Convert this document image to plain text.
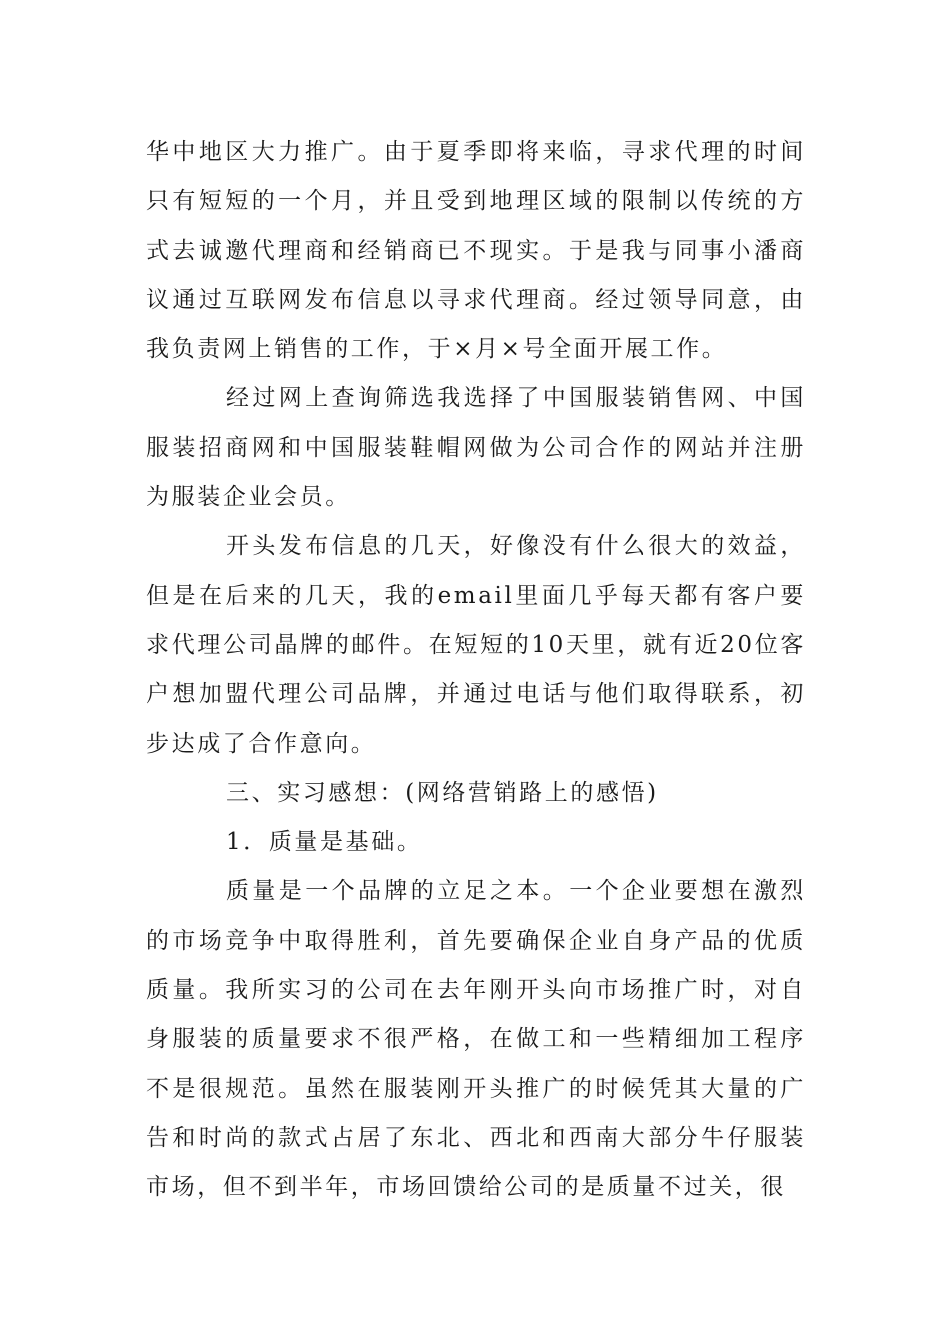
华中地区大力推广。由于夏季即将来临，寻求代理的时间只有短短的一个月，并且受到地理区域的限制以传统的方式去诚邀代理商和经销商已不现实。于是我与同事小潘商议通过互联网发布信息以寻求代理商。经过领导同意，由我负责网上销售的工作，于×月×号全面开展工作。

经过网上查询筛选我选择了中国服装销售网、中国服装招商网和中国服装鞋帽网做为公司合作的网站并注册为服装企业会员。

开头发布信息的几天，好像没有什么很大的效益，但是在后来的几天，我的email里面几乎每天都有客户要求代理公司晶牌的邮件。在短短的10天里，就有近20位客户想加盟代理公司品牌，并通过电话与他们取得联系，初步达成了合作意向。

三、实习感想：(网络营销路上的感悟)

1．质量是基础。

质量是一个品牌的立足之本。一个企业要想在激烈的市场竞争中取得胜利，首先要确保企业自身产品的优质质量。我所实习的公司在去年刚开头向市场推广时，对自身服装的质量要求不很严格，在做工和一些精细加工程序不是很规范。虽然在服装刚开头推广的时候凭其大量的广告和时尚的款式占居了东北、西北和西南大部分牛仔服装市场，但不到半年，市场回馈给公司的是质量不过关，很
